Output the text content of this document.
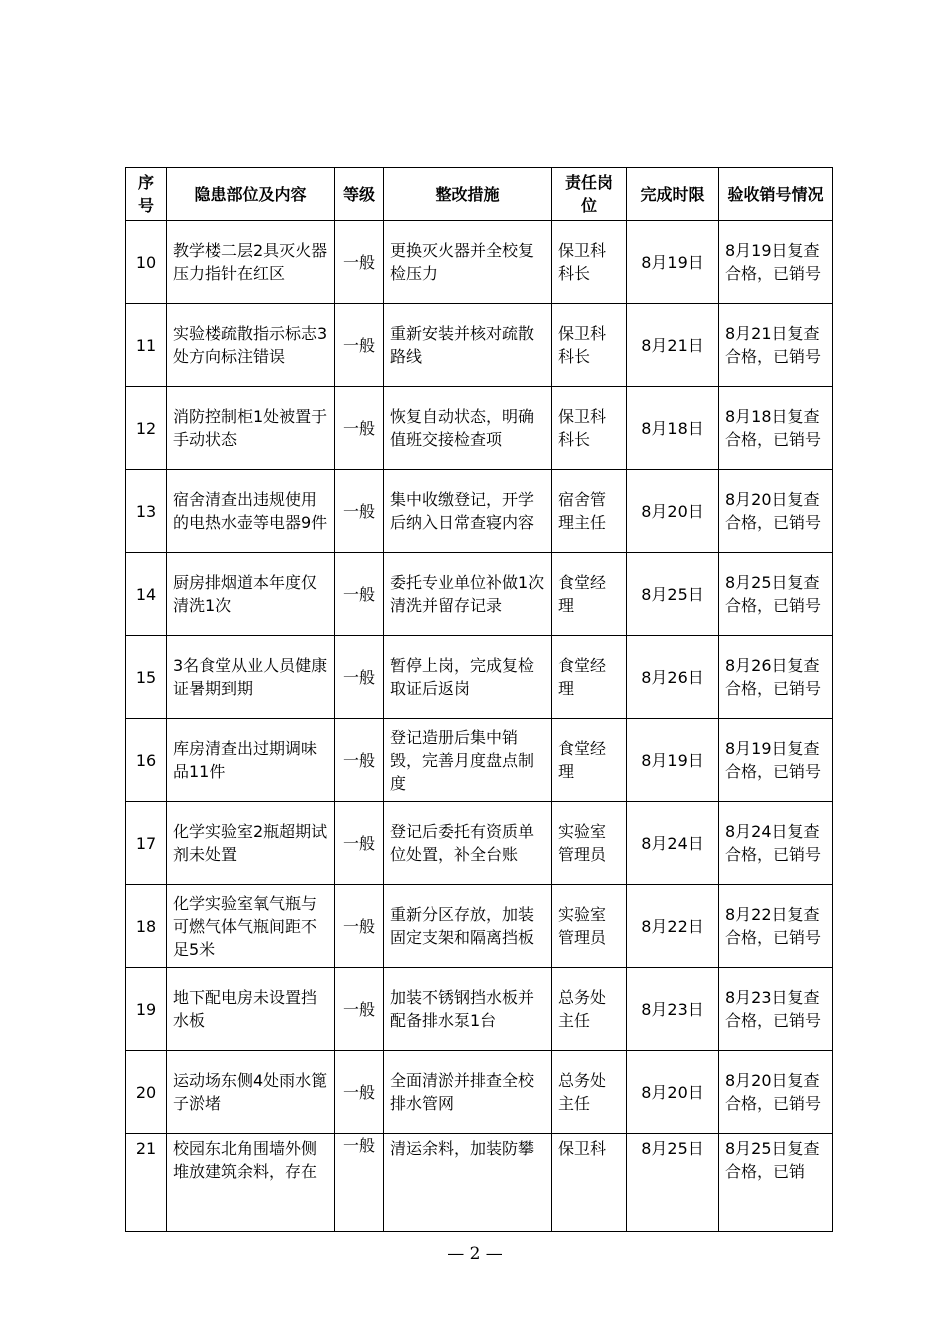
序号	隐患部位及内容	等级	整改措施	责任岗位	完成时限	验收销号情况
10	教学楼二层2具灭火器压力指针在红区	一般	更换灭火器并全校复检压力	保卫科科长	8月19日	8月19日复查合格，已销号
11	实验楼疏散指示标志3处方向标注错误	一般	重新安装并核对疏散路线	保卫科科长	8月21日	8月21日复查合格，已销号
12	消防控制柜1处被置于手动状态	一般	恢复自动状态，明确值班交接检查项	保卫科科长	8月18日	8月18日复查合格，已销号
13	宿舍清查出违规使用的电热水壶等电器9件	一般	集中收缴登记，开学后纳入日常查寝内容	宿舍管理主任	8月20日	8月20日复查合格，已销号
14	厨房排烟道本年度仅清洗1次	一般	委托专业单位补做1次清洗并留存记录	食堂经理	8月25日	8月25日复查合格，已销号
15	3名食堂从业人员健康证暑期到期	一般	暂停上岗，完成复检取证后返岗	食堂经理	8月26日	8月26日复查合格，已销号
16	库房清查出过期调味品11件	一般	登记造册后集中销毁，完善月度盘点制度	食堂经理	8月19日	8月19日复查合格，已销号
17	化学实验室2瓶超期试剂未处置	一般	登记后委托有资质单位处置，补全台账	实验室管理员	8月24日	8月24日复查合格，已销号
18	化学实验室氧气瓶与可燃气体气瓶间距不足5米	一般	重新分区存放，加装固定支架和隔离挡板	实验室管理员	8月22日	8月22日复查合格，已销号
19	地下配电房未设置挡水板	一般	加装不锈钢挡水板并配备排水泵1台	总务处主任	8月23日	8月23日复查合格，已销号
20	运动场东侧4处雨水篦子淤堵	一般	全面清淤并排查全校排水管网	总务处主任	8月20日	8月20日复查合格，已销号
21	校园东北角围墙外侧堆放建筑余料，存在	一般	清运余料，加装防攀	保卫科	8月25日	8月25日复查合格，已销
— 2 —
